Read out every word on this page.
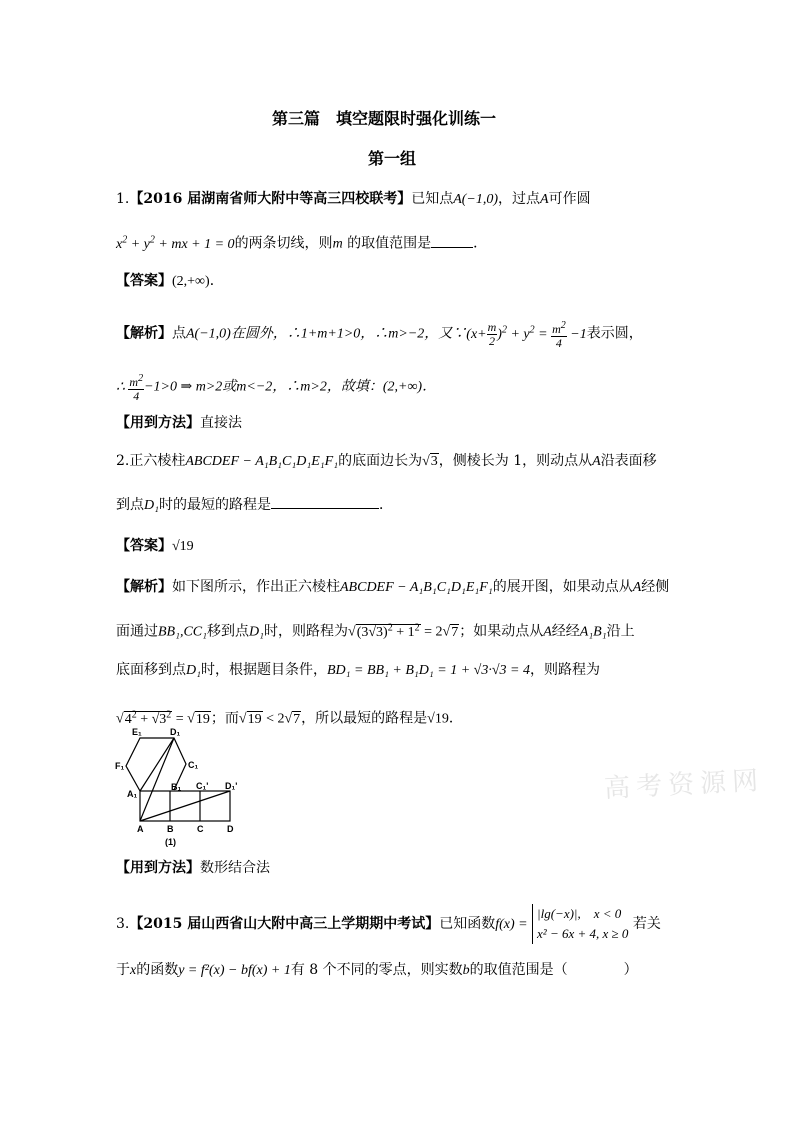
第三篇　填空题限时强化训练一
第一组
1.【2016 届湖南省师大附中等高三四校联考】已知点A(−1,0)，过点A可作圆
$x^2 + y^2$ + mx + 1 = 0的两条切线，则m 的取值范围是	．
【答案】(2,+∞)．
【解析】点A(−1,0)在圆外，∴1+m+1>0，∴m>−2，又∵(x+ $\frac{m}{2} )^2 + y^2 = \frac{m^2}{4} -1$表示圆，
∴ $\frac{m^2}{4} -1>0$ ⇒ m>2或m<−2，∴m>2，故填：(2,+∞)．
【用到方法】直接法
2.正六棱柱ABCDEF − A₁B₁C₁D₁E₁F₁的底面边长为√3，侧棱长为 1，则动点从A沿表面移
到点D₁时的最短的路程是	．
【答案】√19
【解析】如下图所示，作出正六棱柱ABCDEF − A₁B₁C₁D₁E₁F₁的展开图，如果动点从A经侧
面通过BB₁,CC₁移到点D₁时，则路程为$√(3√3)^2 + 1^2 = 2√7$；如果动点从A经经A₁B₁沿上
底面移到点D₁时，根据题目条件，BD₁ = BB₁ + B₁D₁ = 1 + √3·√3 = 4，则路程为
$√4^2 + √3^2 = √19$；而√19 < 2√7，所以最短的路程是√19．
E₁	D₁
F₁	C₁
A₁
B₁ C₁' D₁'
A	B	C	D
(1)
高考资源网
【用到方法】数形结合法
3.【2015 届山西省山大附中高三上学期期中考试】已知函数f(x) =
|lg(−x)|,　x < 0
x² − 6x + 4, x ≥ 0
若关
于x的函数y = f²(x) − bf(x) + 1有 8 个不同的零点，则实数b的取值范围是（　　　　）
